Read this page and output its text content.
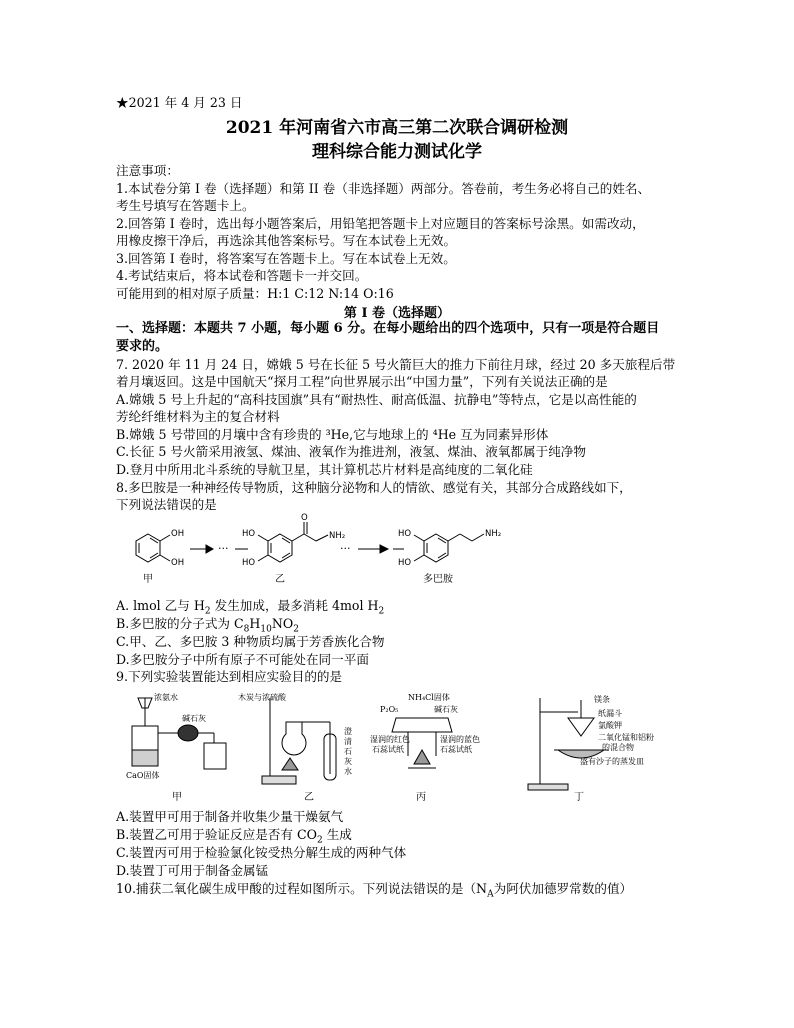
★2021 年 4 月 23 日
2021 年河南省六市高三第二次联合调研检测
理科综合能力测试化学
注意事项：
1.本试卷分第 I 卷（选择题）和第 II 卷（非选择题）两部分。答卷前，考生务必将自己的姓名、
考生号填写在答题卡上。
2.回答第 I 卷时，选出每小题答案后，用铅笔把答题卡上对应题目的答案标号涂黑。如需改动，
用橡皮擦干净后，再选涂其他答案标号。写在本试卷上无效。
3.回答第 I 卷时，将答案写在答题卡上。写在本试卷上无效。
4.考试结束后，将本试卷和答题卡一并交回。
可能用到的相对原子质量：H:1 C:12 N:14 O:16
第 I 卷（选择题）
一、选择题：本题共 7 小题，每小题 6 分。在每小题给出的四个选项中，只有一项是符合题目
要求的。
7. 2020 年 11 月 24 日，嫦娥 5 号在长征 5 号火箭巨大的推力下前往月球，经过 20 多天旅程后带
着月壤返回。这是中国航天“探月工程”向世界展示出“中国力量”，下列有关说法正确的是
A.嫦娥 5 号上升起的“高科技国旗”具有“耐热性、耐高低温、抗静电”等特点，它是以高性能的
芳纶纤维材料为主的复合材料
B.嫦娥 5 号带回的月壤中含有珍贵的 ³He,它与地球上的 ⁴He 互为同素异形体
C.长征 5 号火箭采用液氢、煤油、液氧作为推进剂，液氢、煤油、液氧都属于纯净物
D.登月中所用北斗系统的导航卫星，其计算机芯片材料是高纯度的二氧化硅
8.多巴胺是一种神经传导物质，这种脑分泌物和人的情欲、感觉有关，其部分合成路线如下，
下列说法错误的是
OH
OH
···
HO
HO
O
NH₂
···
HO
HO
NH₂
甲	乙	多巴胺
A. lmol 乙与 $H_2$ 发生加成，最多消耗 4mol $H_2$
B.多巴胺的分子式为 $C_8H_{10}NO_2$
C.甲、乙、多巴胺 3 种物质均属于芳香族化合物
D.多巴胺分子中所有原子不可能处在同一平面
9.下列实验装置能达到相应实验目的的是
浓氨水
碱石灰
CaO固体
木炭与浓硫酸
澄
清
石
灰
水
NH₄Cl固体
P₂O₅	碱石灰
湿润的红色
石蕊试纸
湿润的蓝色
石蕊试纸
镁条
纸漏斗
氯酸钾
二氧化锰和铝粉
的混合物
盛有沙子的蒸发皿
甲	乙	丙	丁
A.装置甲可用于制备并收集少量干燥氨气
B.装置乙可用于验证反应是否有 $CO_2$ 生成
C.装置丙可用于检验氯化铵受热分解生成的两种气体
D.装置丁可用于制备金属锰
10.捕获二氧化碳生成甲酸的过程如图所示。下列说法错误的是（$N_A$为阿伏加德罗常数的值）
